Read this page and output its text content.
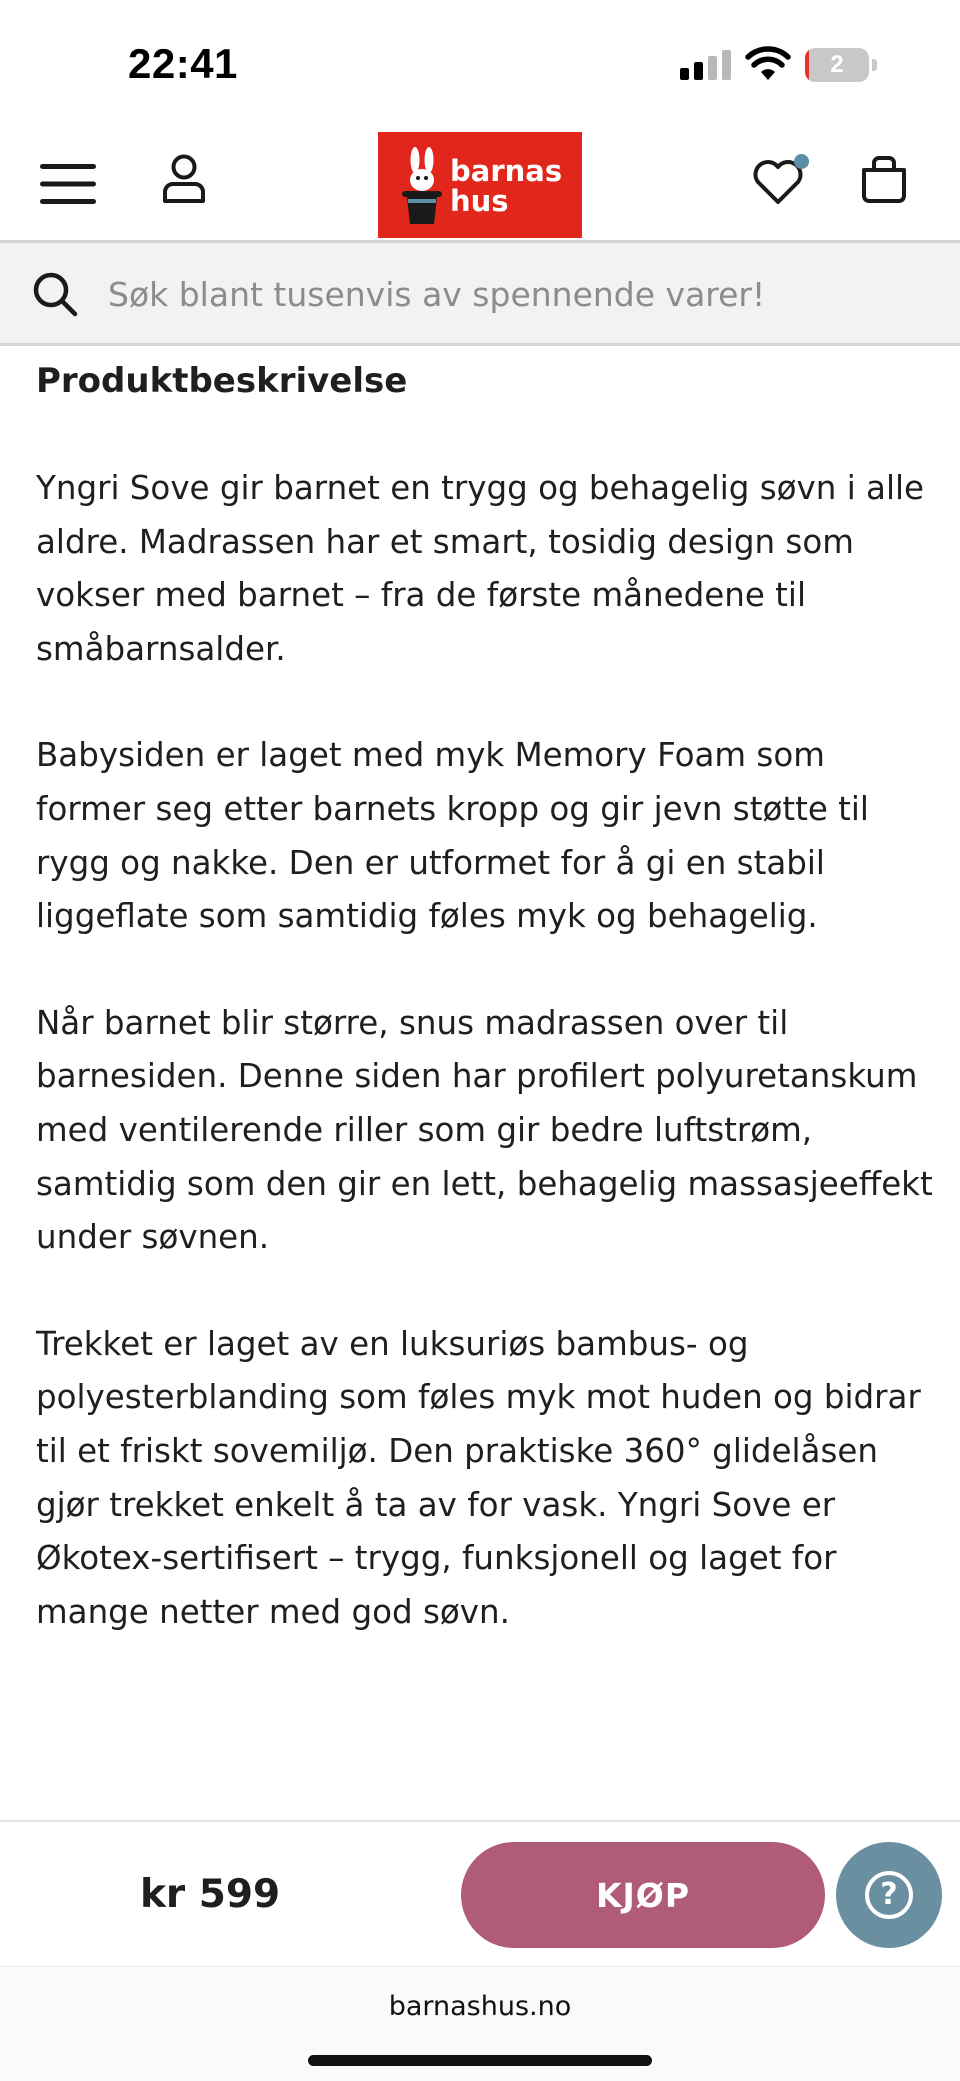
22:41	2
barnas
hus
Søk blant tusenvis av spennende varer!
Produktbeskrivelse

Yngri Sove gir barnet en trygg og behagelig søvn i alle aldre. Madrassen har et smart, tosidig design som vokser med barnet – fra de første månedene til småbarnsalder.

Babysiden er laget med myk Memory Foam som former seg etter barnets kropp og gir jevn støtte til rygg og nakke. Den er utformet for å gi en stabil liggeflate som samtidig føles myk og behagelig.

Når barnet blir større, snus madrassen over til barnesiden. Denne siden har profilert polyuretanskum med ventilerende riller som gir bedre luftstrøm, samtidig som den gir en lett, behagelig massasjeeffekt under søvnen.

Trekket er laget av en luksuriøs bambus- og polyesterblanding som føles myk mot huden og bidrar til et friskt sovemiljø. Den praktiske 360° glidelåsen gjør trekket enkelt å ta av for vask. Yngri Sove er Økotex-sertifisert – trygg, funksjonell og laget for mange netter med god søvn.

kr 599	KJØP	?
barnashus.no
